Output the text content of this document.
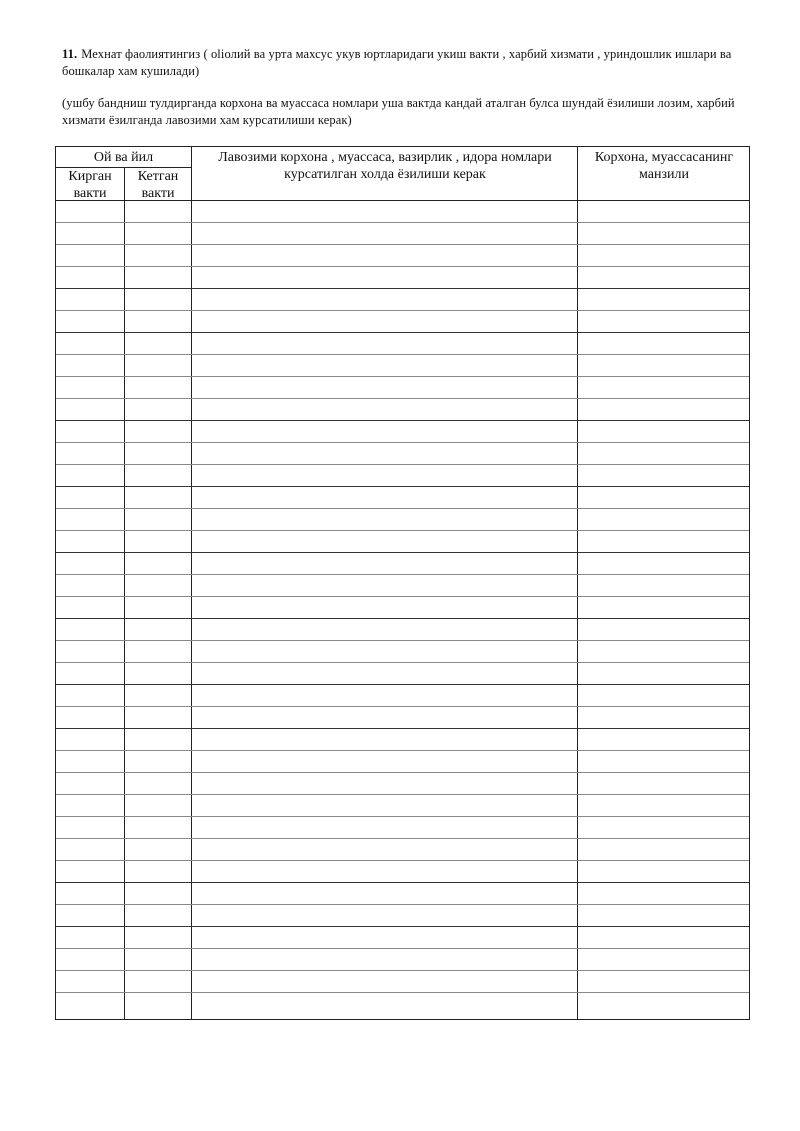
11. Мехнат фаолиятингиз ( oliолий ва урта махсус укув юртларидаги укиш вакти , харбий хизмати , уриндошлик ишлари ва бошкалар хам кушилади)
(ушбу бандниш тулдирганда корхона ва муассаса номлари уша вактда кандай аталган булса шундай ёзилиши лозим, харбий хизмати ёзилганда лавозими хам курсатилиши керак)
Ой ва йил
Кирган вакти
Кетган вакти
Лавозими корхона , муассаса, вазирлик , идора номлари курсатилган холда ёзилиши керак
Корхона, муассасанинг манзили
